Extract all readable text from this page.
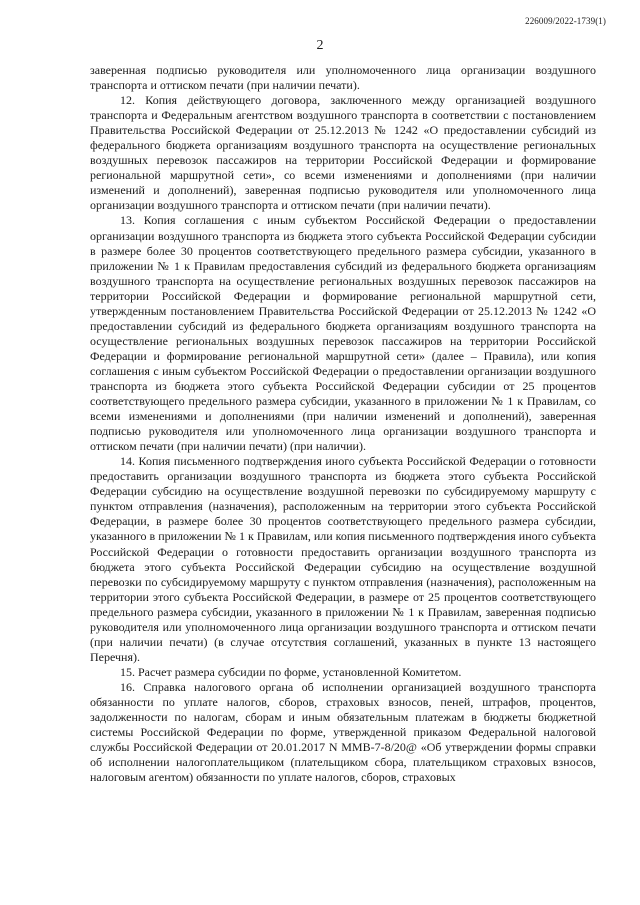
226009/2022-1739(1)
2

заверенная подписью руководителя или уполномоченного лица организации воздушного транспорта и оттиском печати (при наличии печати).

12. Копия действующего договора, заключенного между организацией воздушного транспорта и Федеральным агентством воздушного транспорта в соответствии с постановлением Правительства Российской Федерации от 25.12.2013 № 1242 «О предоставлении субсидий из федерального бюджета организациям воздушного транспорта на осуществление региональных воздушных перевозок пассажиров на территории Российской Федерации и формирование региональной маршрутной сети», со всеми изменениями и дополнениями (при наличии изменений и дополнений), заверенная подписью руководителя или уполномоченного лица организации воздушного транспорта и оттиском печати (при наличии печати).

13. Копия соглашения с иным субъектом Российской Федерации о предоставлении организации воздушного транспорта из бюджета этого субъекта Российской Федерации субсидии в размере более 30 процентов соответствующего предельного размера субсидии, указанного в приложении № 1 к Правилам предоставления субсидий из федерального бюджета организациям воздушного транспорта на осуществление региональных воздушных перевозок пассажиров на территории Российской Федерации и формирование региональной маршрутной сети, утвержденным постановлением Правительства Российской Федерации от 25.12.2013 № 1242 «О предоставлении субсидий из федерального бюджета организациям воздушного транспорта на осуществление региональных воздушных перевозок пассажиров на территории Российской Федерации и формирование региональной маршрутной сети» (далее – Правила), или копия соглашения с иным субъектом Российской Федерации о предоставлении организации воздушного транспорта из бюджета этого субъекта Российской Федерации субсидии от 25 процентов соответствующего предельного размера субсидии, указанного в приложении № 1 к Правилам, со всеми изменениями и дополнениями (при наличии изменений и дополнений), заверенная подписью руководителя или уполномоченного лица организации воздушного транспорта и оттиском печати (при наличии печати) (при наличии).

14. Копия письменного подтверждения иного субъекта Российской Федерации о готовности предоставить организации воздушного транспорта из бюджета этого субъекта Российской Федерации субсидию на осуществление воздушной перевозки по субсидируемому маршруту с пунктом отправления (назначения), расположенным на территории этого субъекта Российской Федерации, в размере более 30 процентов соответствующего предельного размера субсидии, указанного в приложении № 1 к Правилам, или копия письменного подтверждения иного субъекта Российской Федерации о готовности предоставить организации воздушного транспорта из бюджета этого субъекта Российской Федерации субсидию на осуществление воздушной перевозки по субсидируемому маршруту с пунктом отправления (назначения), расположенным на территории этого субъекта Российской Федерации, в размере от 25 процентов соответствующего предельного размера субсидии, указанного в приложении № 1 к Правилам, заверенная подписью руководителя или уполномоченного лица организации воздушного транспорта и оттиском печати (при наличии печати) (в случае отсутствия соглашений, указанных в пункте 13 настоящего Перечня).

15. Расчет размера субсидии по форме, установленной Комитетом.

16. Справка налогового органа об исполнении организацией воздушного транспорта обязанности по уплате налогов, сборов, страховых взносов, пеней, штрафов, процентов, задолженности по налогам, сборам и иным обязательным платежам в бюджеты бюджетной системы Российской Федерации по форме, утвержденной приказом Федеральной налоговой службы Российской Федерации от 20.01.2017 N ММВ-7-8/20@ «Об утверждении формы справки об исполнении налогоплательщиком (плательщиком сбора, плательщиком страховых взносов, налоговым агентом) обязанности по уплате налогов, сборов, страховых
